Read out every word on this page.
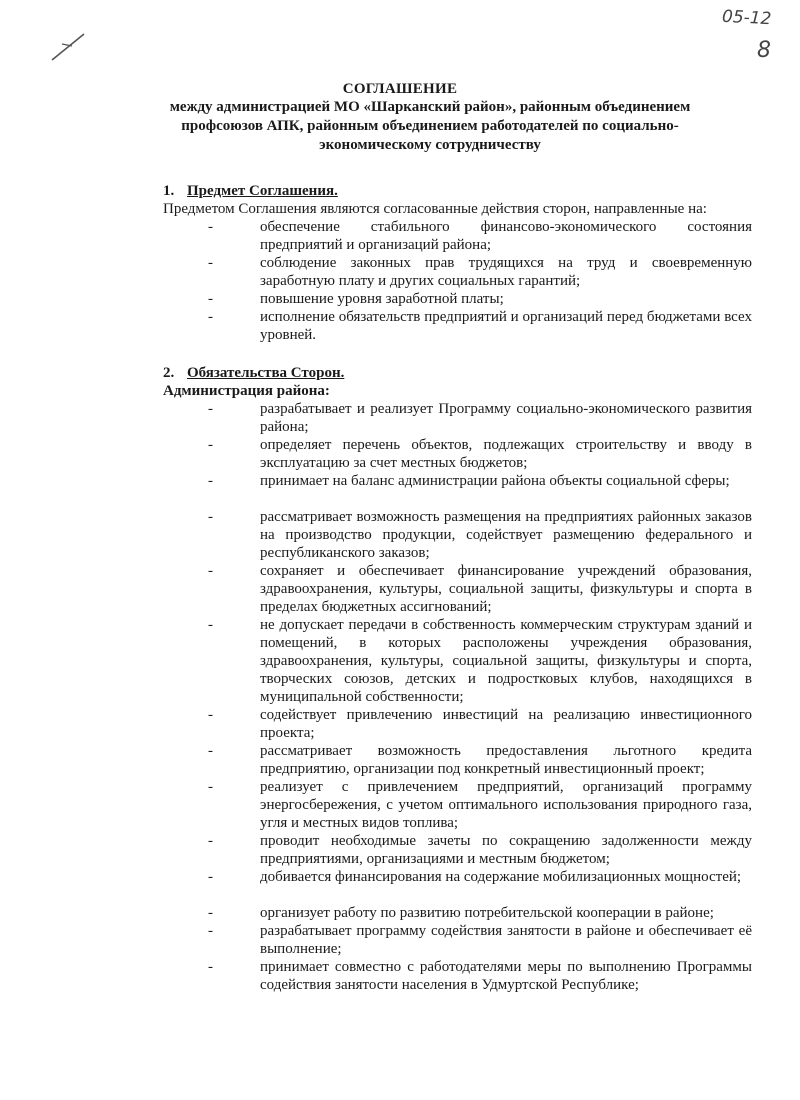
05-12
8
СОГЛАШЕНИЕ
между администрацией МО «Шарканский район», районным объединением профсоюзов АПК, районным объединением работодателей по социально-экономическому сотрудничеству
1. Предмет Соглашения.
Предметом Соглашения являются согласованные действия сторон, направленные на:
-	обеспечение стабильного финансово-экономического состояния предприятий и организаций района;
-	соблюдение законных прав трудящихся на труд и своевременную заработную плату и других социальных гарантий;
-	повышение уровня заработной платы;
-	исполнение обязательств предприятий и организаций перед бюджетами всех уровней.
2. Обязательства Сторон.
Администрация района:
-	разрабатывает и реализует Программу социально-экономического развития района;
-	определяет перечень объектов, подлежащих строительству и вводу в эксплуатацию за счет местных бюджетов;
-	принимает на баланс администрации района объекты социальной сферы;
-	рассматривает возможность размещения на предприятиях районных заказов на производство продукции, содействует размещению федерального и республиканского заказов;
-	сохраняет и обеспечивает финансирование учреждений образования, здравоохранения, культуры, социальной защиты, физкультуры и спорта в пределах бюджетных ассигнований;
-	не допускает передачи в собственность коммерческим структурам зданий и помещений, в которых расположены учреждения образования, здравоохранения, культуры, социальной защиты, физкультуры и спорта, творческих союзов, детских и подростковых клубов, находящихся в муниципальной собственности;
-	содействует привлечению инвестиций на реализацию инвестиционного проекта;
-	рассматривает возможность предоставления льготного кредита предприятию, организации под конкретный инвестиционный проект;
-	реализует с привлечением предприятий, организаций программу энергосбережения, с учетом оптимального использования природного газа, угля и местных видов топлива;
-	проводит необходимые зачеты по сокращению задолженности между предприятиями, организациями и местным бюджетом;
-	добивается финансирования на содержание мобилизационных мощностей;
-	организует работу по развитию потребительской кооперации в районе;
-	разрабатывает программу содействия занятости в районе и обеспечивает её выполнение;
-	принимает совместно с работодателями меры по выполнению Программы содействия занятости населения в Удмуртской Республике;
